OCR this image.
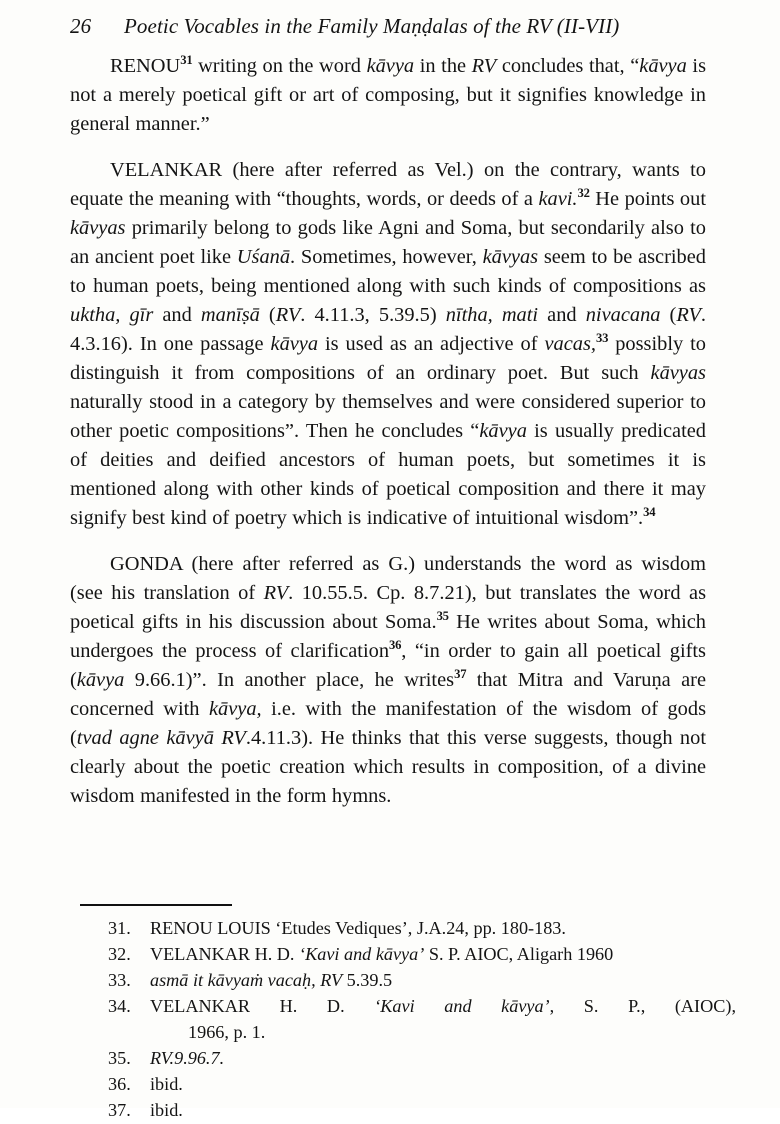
26	Poetic Vocables in the Family Maṇḍalas of the RV (II-VII)

RENOU$^{31}$ writing on the word kāvya in the RV concludes that, “kāvya is not a merely poetical gift or art of composing, but it signifies knowledge in general manner.”

VELANKAR (here after referred as Vel.) on the contrary, wants to equate the meaning with “thoughts, words, or deeds of a kavi.$^{32}$ He points out kāvyas primarily belong to gods like Agni and Soma, but secondarily also to an ancient poet like Uśanā. Sometimes, however, kāvyas seem to be ascribed to human poets, being mentioned along with such kinds of compositions as uktha, gīr and manīṣā (RV. 4.11.3, 5.39.5) nītha, mati and nivacana (RV. 4.3.16). In one passage kāvya is used as an adjective of vacas,$^{33}$ possibly to distinguish it from compositions of an ordinary poet. But such kāvyas naturally stood in a category by themselves and were considered superior to other poetic compositions”. Then he concludes “kāvya is usually predicated of deities and deified ancestors of human poets, but sometimes it is mentioned along with other kinds of poetical composition and there it may signify best kind of poetry which is indicative of intuitional wisdom”.$^{34}$

GONDA (here after referred as G.) understands the word as wisdom (see his translation of RV. 10.55.5. Cp. 8.7.21), but translates the word as poetical gifts in his discussion about Soma.$^{35}$ He writes about Soma, which undergoes the process of clarification$^{36}$, “in order to gain all poetical gifts (kāvya 9.66.1)”. In another place, he writes$^{37}$ that Mitra and Varuṇa are concerned with kāvya, i.e. with the manifestation of the wisdom of gods (tvad agne kāvyā RV.4.11.3). He thinks that this verse suggests, though not clearly about the poetic creation which results in composition, of a divine wisdom manifested in the form hymns.

31.	RENOU LOUIS ‘Etudes Vediques’, J.A.24, pp. 180-183.
32.	VELANKAR H. D. ‘Kavi and kāvya’ S. P. AIOC, Aligarh 1960
33.	asmā it kāvyaṁ vacaḥ, RV 5.39.5
34.	VELANKAR H. D. ‘Kavi and kāvya’, S. P., (AIOC),
1966, p. 1.
35.	RV.9.96.7.
36.	ibid.
37.	ibid.
